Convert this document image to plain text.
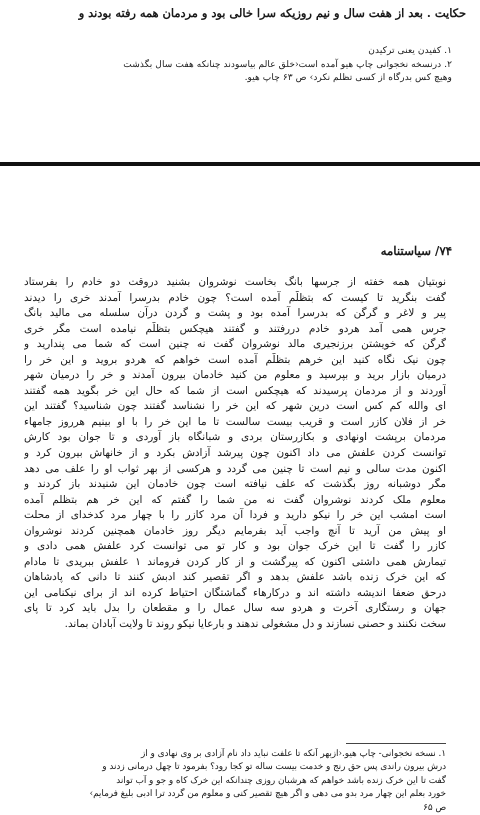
حکایت . بعد از هفت سال و نیم روزیکه سرا خالی بود و مردمان همه رفته بودند و
۱. کفیدن یعنی ترکیدن
۲. درنسخه نخجوانی چاپ هیو آمده است‹خلق عالم بیاسودند چنانکه هفت سال بگذشت
وهیچ کس بدرگاه از کسی تظلم نکرد› ص ۶۳ چاپ هیو.
۷۴/ سیاستنامه
نوبتیان همه خفته از جرسها بانگ بخاست نوشروان بشنید دروقت دو خادم را بفرستاد
گفت بنگرید تا کیست که بتظلّم آمده است؟ چون خادم بدرسرا آمدند خری را دیدند
پیر و لاغر و گرگن که بدرسرا آمده بود و پشت و گردن درآن سلسله می مالید بانگ
جرس همی آمد هردو خادم دررفتند و گفتند هیچکس بتظلّم نیامده است مگر خری
گرگن که خویشتن برزنجیری مالد نوشروان گفت نه چنین است که شما می پندارید و
چون نیک نگاه کنید این خرهم بتظلّم آمده است خواهم که هردو بروید و این خر را
درمیان بازار برید و بپرسید و معلوم من کنید خادمان بیرون آمدند و خر را درمیان شهر
آوردند و از مردمان پرسیدند که هیچکس است از شما که حال این خر بگوید همه گفتند
ای والله کم کس است درین شهر که این خر را نشناسد گفتند چون شناسید؟ گفتند این
خر از فلان کازر است و قریب بیست سالست تا ما این خر را با او بینیم هرروز جامهاء
مردمان برپشت اونهادی و بکازرستان بردی و شبانگاه باز آوردی و تا جوان بود کارش
توانست کردن علفش می داد اکنون چون پیرشد آزادش بکرد و از خانهاش بیرون کرد و
اکنون مدت سالی و نیم است تا چنین می گردد و هرکسی از بهر ثواب او را علف می دهد
مگر دوشبانه روز بگذشت که علف نیافته است چون خادمان این شنیدند باز کردند و
معلوم ملک کردند نوشروان گفت نه من شما را گفتم که این خر هم بتظلم آمده
است امشب این خر را نیکو دارید و فردا آن مرد کازر را با چهار مرد کدخدای از محلت
او پیش من آرید تا آنچ واجب آید بفرمایم دیگر روز خادمان همچنین کردند نوشروان
کازر را گفت تا این خرک جوان بود و کار تو می توانست کرد علفش همی دادی و
تیمارش همی داشتی اکنون که پیرگشت و از کار کردن فروماند ۱ علفش ببریدی تا مادام
که این خرک زنده باشد علفش بدهد و اگر تقصیر کند ادبش کنند تا دانی که پادشاهان
درحق ضعفا اندیشه داشته اند و درکارهاء گماشتگان احتیاط کرده اند از برای نیکنامی این
جهان و رستگاری آخرت و هردو سه سال عمال را و مقطعان را بدل باید کرد تا پای
سخت نکنند و حصنی نسازند و دل مشغولی ندهند و بارعایا نیکو روند تا ولایت آبادان بماند.
۱. نسخه نخجوانی- چاپ هیو.‹ازبهر آنکه تا علفت نباید داد نام آزادی بر وی نهادی و از
درش بیرون راندی پس حق رنج و خدمت بیست ساله تو کجا رود؟ بفرمود تا چهل درمانی زدند و
گفت تا این خرک زنده باشد خواهم که هرشبان روزی چندانکه این خرک کاه و جو و آب تواند
خورد بعلم این چهار مرد بدو می دهی و اگر هیچ تقصیر کنی و معلوم من گردد ترا ادبی بلیغ فرمایم›
ص ۶۵
